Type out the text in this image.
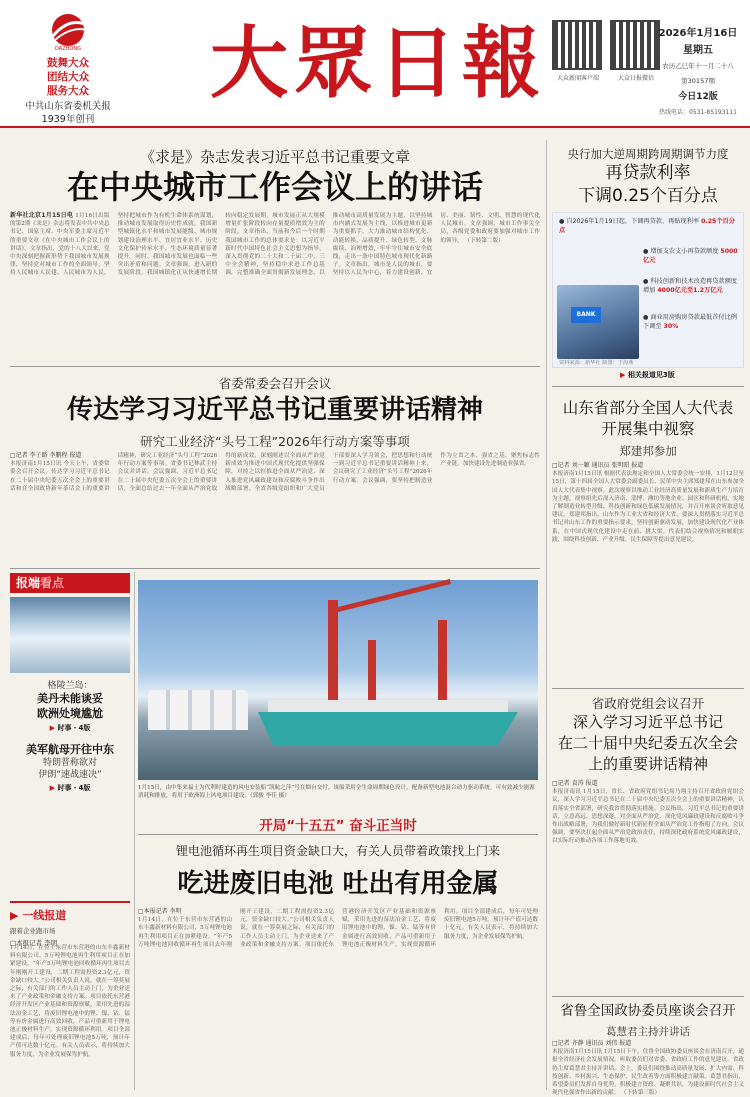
DAZHONG
鼓舞大众
团结大众
服务大众
中共山东省委机关报
1939年创刊
大眾日報	大众新闻客户端	大众日报微信
2026年1月16日
星期五
农历乙巳年十一月二十八
第30157期
今日12版
热线电话：0531-85193111
《求是》杂志发表习近平总书记重要文章
在中央城市工作会议上的讲话
新华社北京1月15日电 1月16日出版的第2期《求是》杂志将发表中共中央总书记、国家主席、中央军委主席习近平的重要文章《在中央城市工作会议上的讲话》。文章指出，党的十八大以来，党中央深刻把握新形势下我国城市发展规律，坚持党对城市工作的全面领导，坚持人民城市人民建、人民城市为人民，坚持把城市作为有机生命体系统谋划，推动城市发展取得历史性成就。我国新型城镇化水平和城市发展能级、城市规划建设治理水平、宜居宜业水平、历史文化保护传承水平、生态环境质量显著提升。同时，我国城市发展也面临一些突出矛盾和问题。文章强调，进入新的发展阶段，我国城镇化正从快速增长期转向稳定发展期，城市发展正从大规模增量扩张阶段转向存量提质增效为主的阶段。文章指出，当前和今后一个时期我国城市工作的总体要求是：以习近平新时代中国特色社会主义思想为指导，深入贯彻党的二十大和二十届二中、三中全会精神，坚持稳中求进工作总基调，完整准确全面贯彻新发展理念，以推动城市高质量发展为主题，以坚持城市内涵式发展为主线，以推进城市更新为重要抓手，大力推动城市结构优化、动能转换、品质提升、绿色转型、文脉赓续、治理增效，牢牢守住城市安全底线，走出一条中国特色城市现代化新路子。文章指出，城市是人民的城市，要坚持以人民为中心，着力建设创新、宜居、美丽、韧性、文明、智慧的现代化人民城市。文章强调，城市工作事关全局，各级党委和政府要加强对城市工作的领导。 （下转第二版）
央行加大逆周期跨周期调节力度
再贷款利率
下调0.25个百分点
● 自2026年1月19日起，下调再贷款、再贴现利率 0.25个百分点
● 增加支农支小再贷款额度 5000亿元
● 科技创新和技术改造再贷款额度增加 4000亿元至1.2万亿元
● 商业用房购房贷款最低首付比例下调至 30%
BANK
资料来源：新华社 制图：于海燕
▶ 相关报道见3版
省委常委会召开会议
传达学习习近平总书记重要讲话精神
研究工业经济“头号工程”2026年行动方案等事项
□记者 李子路 李鹏程 报道
本报济南1月15日讯 今天上午，省委常委会召开会议，传达学习习近平总书记在二十届中央纪委五次全会上的重要讲话和在全国政协新年茶话会上的重要讲话精神，研究工业经济“头号工程”2026年行动方案等事项。省委书记林武主持会议并讲话。会议强调，习近平总书记在二十届中央纪委五次全会上的重要讲话，全面总结过去一年全面从严治党取得的新成效，深刻阐述以全面从严治党新成效为推进中国式现代化提供坚强保障，对持之以恒推进全面从严治党、深入推进党风廉政建设和反腐败斗争作出战略部署。全省各级党组织和广大党员干部要深入学习领会，把思想和行动统一到习近平总书记重要讲话精神上来。会议研究了工业经济“头号工程”2026年行动方案。会议强调，要坚持把制造业作为立省之本、强省之基，聚焦标志性产业链，加快建设先进制造业强省。
山东省部分全国人大代表
开展集中视察
郑建邦参加
□记者 刘一颖 通讯员 张明昭 报道
本报济南1月15日讯 根据代表法规定和全国人大常委会统一安排，1月12日至15日，第十四届全国人大常委会副委员长、民革中央主席郑建邦在山东参加全国人大代表集中视察。此次视察以推动工业经济高质量发展和新质生产力培育为主题，视察组先后深入济南、淄博、潍坊等地企业、园区和科研机构，实地了解制造业转型升级、科技创新和绿色低碳发展情况，并召开座谈会听取意见建议。郑建邦指出，山东作为工业大省和经济大省，要深入贯彻落实习近平总书记对山东工作的重要指示要求，坚持创新驱动发展，加快建设现代化产业体系，在中国式现代化建设中走在前、挑大梁。代表们结合视察情况和履职实践，围绕科技创新、产业升级、民生保障等提出意见建议。
报端看点
格陵兰岛：
美丹未能谈妥
欧洲处境尴尬
▶ 时事・4版
美军航母开往中东
特朗普称欲对
伊朗“速战速决”
▶ 时事・4版	1月15日，由中集来福士为代利时建造的风电安装船“凯航之萍”号在烟台交付。该船采用全生命周期绿色设计，配备新型电池混合动力驱动系统，可有效减少能源消耗和排放，将用于欧洲海上风电项目建设。（郭骏 李佳 摄）
开局“十五五” 奋斗正当时
省政府党组会议召开
深入学习习近平总书记
在二十届中央纪委五次全会
上的重要讲话精神
□记者 袁涛 报道
本报济南讯 1月15日，省长、省政府党组书记周乃翔主持召开省政府党组会议，深入学习习近平总书记在二十届中央纪委五次全会上的重要讲话精神，认真落实全省部署，研究我省贯彻落实措施。会议指出，习近平总书记的重要讲话，立意高远、思想深邃，对全面从严治党、深化党风廉政建设和反腐败斗争作出战略部署，为我们做好新时代新征程全面从严治党工作指明了方向。会议强调，要坚决扛起全面从严治党政治责任，持续深化政府系统党风廉政建设，以实际行动推动各项工作落地见效。
锂电池循环再生项目资金缺口大，有关人员带着政策找上门来
吃进废旧电池 吐出有用金属
□本报记者 李明
1月14日，在位于东营市东营港的山东丰鑫新材料有限公司，5万吨锂电池再生利用项目正在加紧建设。“年产5万吨锂电池回收循环再生项目去年刚刚开工建设，二期工程需投资2.3亿元，资金缺口较大。”公司相关负责人说，就在一筹莫展之际，有关部门的工作人员主动上门，为企业送来了产业政策和金融支持方案。项目依托东营港经济开发区产业基础和资源禀赋，采用先进的湿法冶金工艺，将废旧锂电池中的锂、镍、钴、锰等有价金属进行高效回收，产品可重新用于锂电池正极材料生产，实现资源循环利用。项目全部建成后，每年可处理废旧锂电池5万吨，预计年产值可达数十亿元。有关人员表示，将持续加大服务力度，为企业发展保驾护航。
▶ 一线报道
跟着企业跑市场
□本报记者 李明
1月14日，在位于东营市东营港的山东丰鑫新材料有限公司，5万吨锂电池再生利用项目正在加紧建设。“年产5万吨锂电池回收循环再生项目去年刚刚开工建设，二期工程需投资2.3亿元，资金缺口较大。”公司相关负责人说，就在一筹莫展之际，有关部门的工作人员主动上门，为企业送来了产业政策和金融支持方案。项目依托东营港经济开发区产业基础和资源禀赋，采用先进的湿法冶金工艺，将废旧锂电池中的锂、镍、钴、锰等有价金属进行高效回收，产品可重新用于锂电池正极材料生产，实现资源循环利用。项目全部建成后，每年可处理废旧锂电池5万吨，预计年产值可达数十亿元。有关人员表示，将持续加大服务力度，为企业发展保驾护航。
省鲁全国政协委员座谈会召开
葛慧君主持并讲话
□记者 齐静 通讯员 刘伟 报道
本报济南1月15日讯 1月15日下午，住鲁全国政协委员座谈会在济南召开，通报全省经济社会发展情况，听取委员们对省委、省政府工作的意见建议。省政协主席葛慧君主持并讲话。会上，委员们围绕推动高质量发展、扩大内需、科技创新、乡村振兴、生态保护、民生改善等方面积极建言献策。葛慧君指出，希望委员们发挥自身优势，积极建言资政、凝聚共识，为建设新时代社会主义现代化强省作出新的贡献。 （下转第三版）
